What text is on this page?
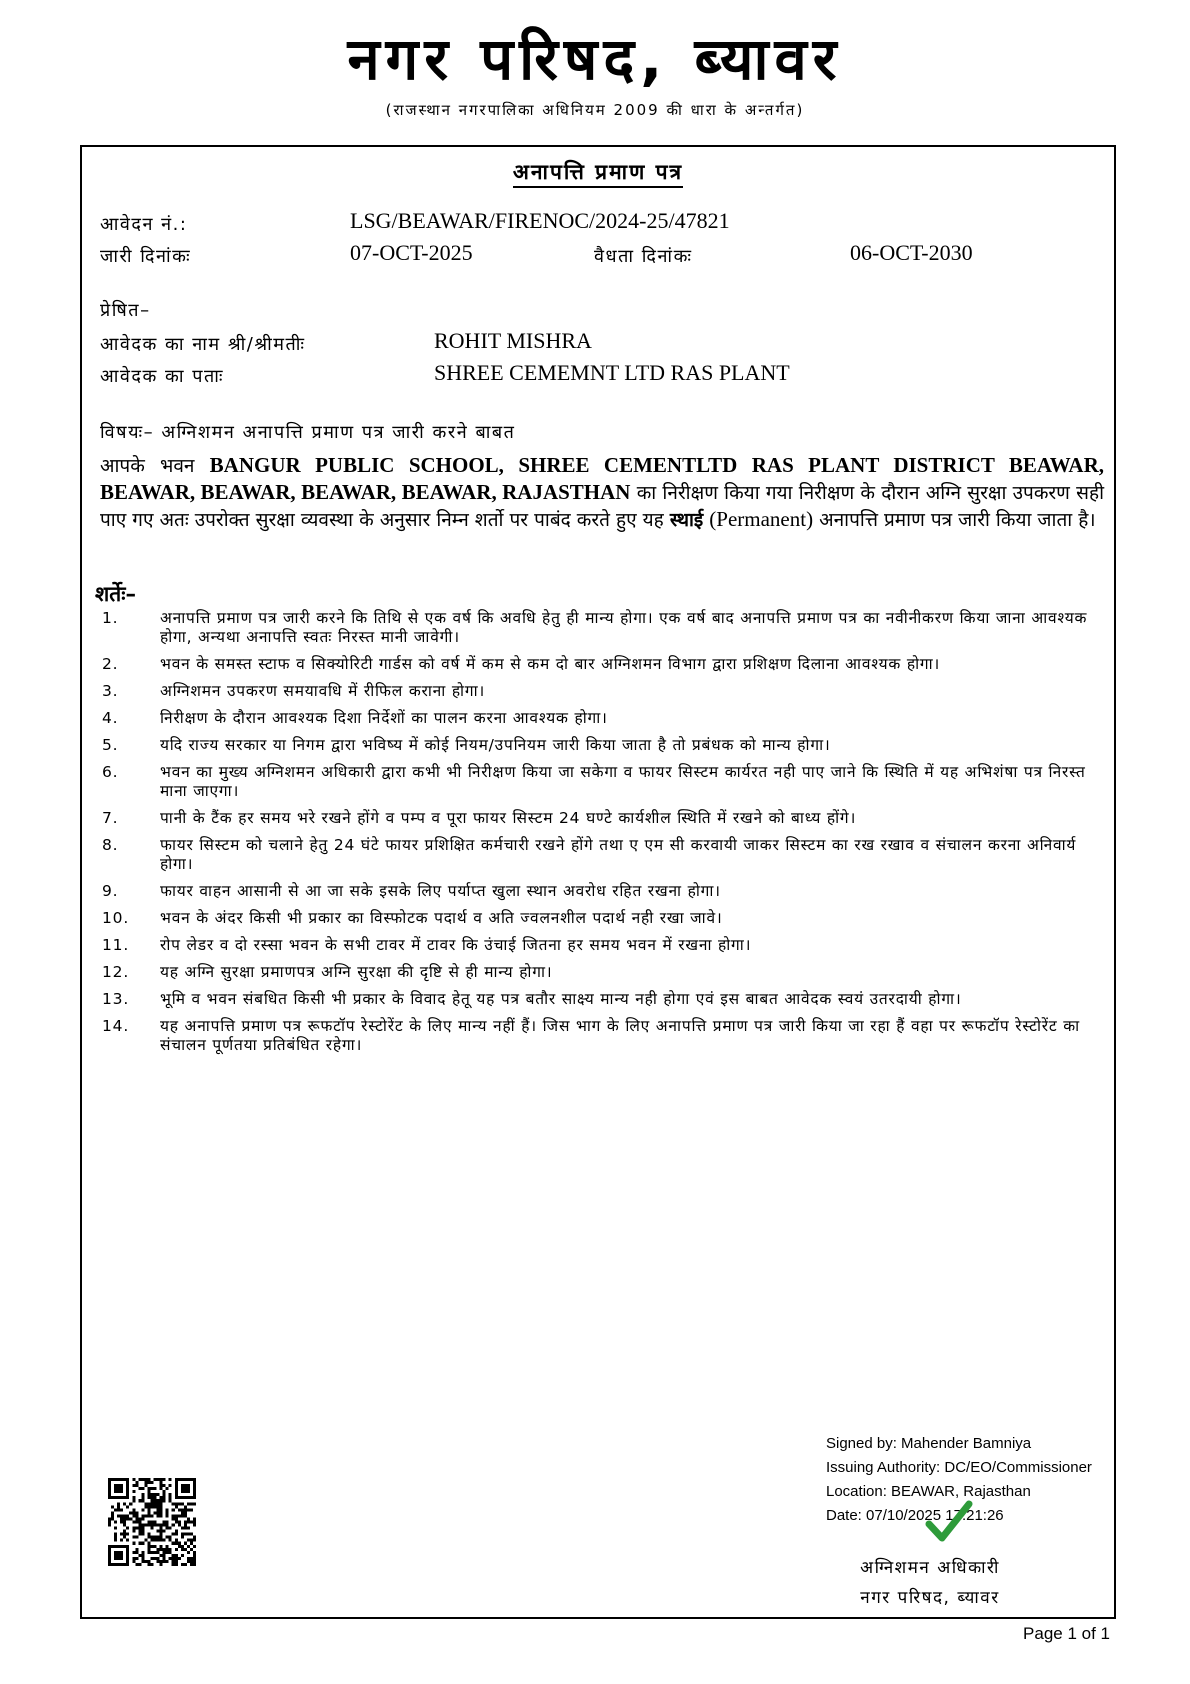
नगर परिषद, ब्यावर
(राजस्थान नगरपालिका अधिनियम 2009 की धारा के अन्तर्गत)
अनापत्ति प्रमाण पत्र
आवेदन नं.:	LSG/BEAWAR/FIRENOC/2024-25/47821
जारी दिनांकः	07-OCT-2025	वैधता दिनांकः	06-OCT-2030
प्रेषित–
आवेदक का नाम श्री/श्रीमतीः	ROHIT MISHRA
आवेदक का पताः	SHREE CEMEMNT LTD RAS PLANT
विषयः– अग्निशमन अनापत्ति प्रमाण पत्र जारी करने बाबत
आपके भवन BANGUR PUBLIC SCHOOL, SHREE CEMENTLTD RAS PLANT DISTRICT BEAWAR, BEAWAR, BEAWAR, BEAWAR, BEAWAR, RAJASTHAN का निरीक्षण किया गया निरीक्षण के दौरान अग्नि सुरक्षा उपकरण सही पाए गए अतः उपरोक्त सुरक्षा व्यवस्था के अनुसार निम्न शर्तो पर पाबंद करते हुए यह स्थाई (Permanent) अनापत्ति प्रमाण पत्र जारी किया जाता है।
शर्तेः–
1.	अनापत्ति प्रमाण पत्र जारी करने कि तिथि से एक वर्ष कि अवधि हेतु ही मान्य होगा। एक वर्ष बाद अनापत्ति प्रमाण पत्र का नवीनीकरण किया जाना आवश्यक होगा, अन्यथा अनापत्ति स्वतः निरस्त मानी जावेगी।
2.	भवन के समस्त स्टाफ व सिक्योरिटी गार्डस को वर्ष में कम से कम दो बार अग्निशमन विभाग द्वारा प्रशिक्षण दिलाना आवश्यक होगा।
3.	अग्निशमन उपकरण समयावधि में रीफिल कराना होगा।
4.	निरीक्षण के दौरान आवश्यक दिशा निर्देशों का पालन करना आवश्यक होगा।
5.	यदि राज्य सरकार या निगम द्वारा भविष्य में कोई नियम/उपनियम जारी किया जाता है तो प्रबंधक को मान्य होगा।
6.	भवन का मुख्य अग्निशमन अधिकारी द्वारा कभी भी निरीक्षण किया जा सकेगा व फायर सिस्टम कार्यरत नही पाए जाने कि स्थिति में यह अभिशंषा पत्र निरस्त माना जाएगा।
7.	पानी के टैंक हर समय भरे रखने होंगे व पम्प व पूरा फायर सिस्टम 24 घण्टे कार्यशील स्थिति में रखने को बाध्य होंगे।
8.	फायर सिस्टम को चलाने हेतु 24 घंटे फायर प्रशिक्षित कर्मचारी रखने होंगे तथा ए एम सी करवायी जाकर सिस्टम का रख रखाव व संचालन करना अनिवार्य होगा।
9.	फायर वाहन आसानी से आ जा सके इसके लिए पर्याप्त खुला स्थान अवरोध रहित रखना होगा।
10.	भवन के अंदर किसी भी प्रकार का विस्फोटक पदार्थ व अति ज्वलनशील पदार्थ नही रखा जावे।
11.	रोप लेडर व दो रस्सा भवन के सभी टावर में टावर कि उंचाई जितना हर समय भवन में रखना होगा।
12.	यह अग्नि सुरक्षा प्रमाणपत्र अग्नि सुरक्षा की दृष्टि से ही मान्य होगा।
13.	भूमि व भवन संबधित किसी भी प्रकार के विवाद हेतू यह पत्र बतौर साक्ष्य मान्य नही होगा एवं इस बाबत आवेदक स्वयं उतरदायी होगा।
14.	यह अनापत्ति प्रमाण पत्र रूफटॉप रेस्टोरेंट के लिए मान्य नहीं हैं। जिस भाग के लिए अनापत्ति प्रमाण पत्र जारी किया जा रहा हैं वहा पर रूफटॉप रेस्टोरेंट का संचालन पूर्णतया प्रतिबंधित रहेगा।
Signed by: Mahender Bamniya
Issuing Authority: DC/EO/Commissioner
Location: BEAWAR, Rajasthan
Date: 07/10/2025 17:21:26
अग्निशमन अधिकारी
नगर परिषद, ब्यावर
Page 1 of 1
